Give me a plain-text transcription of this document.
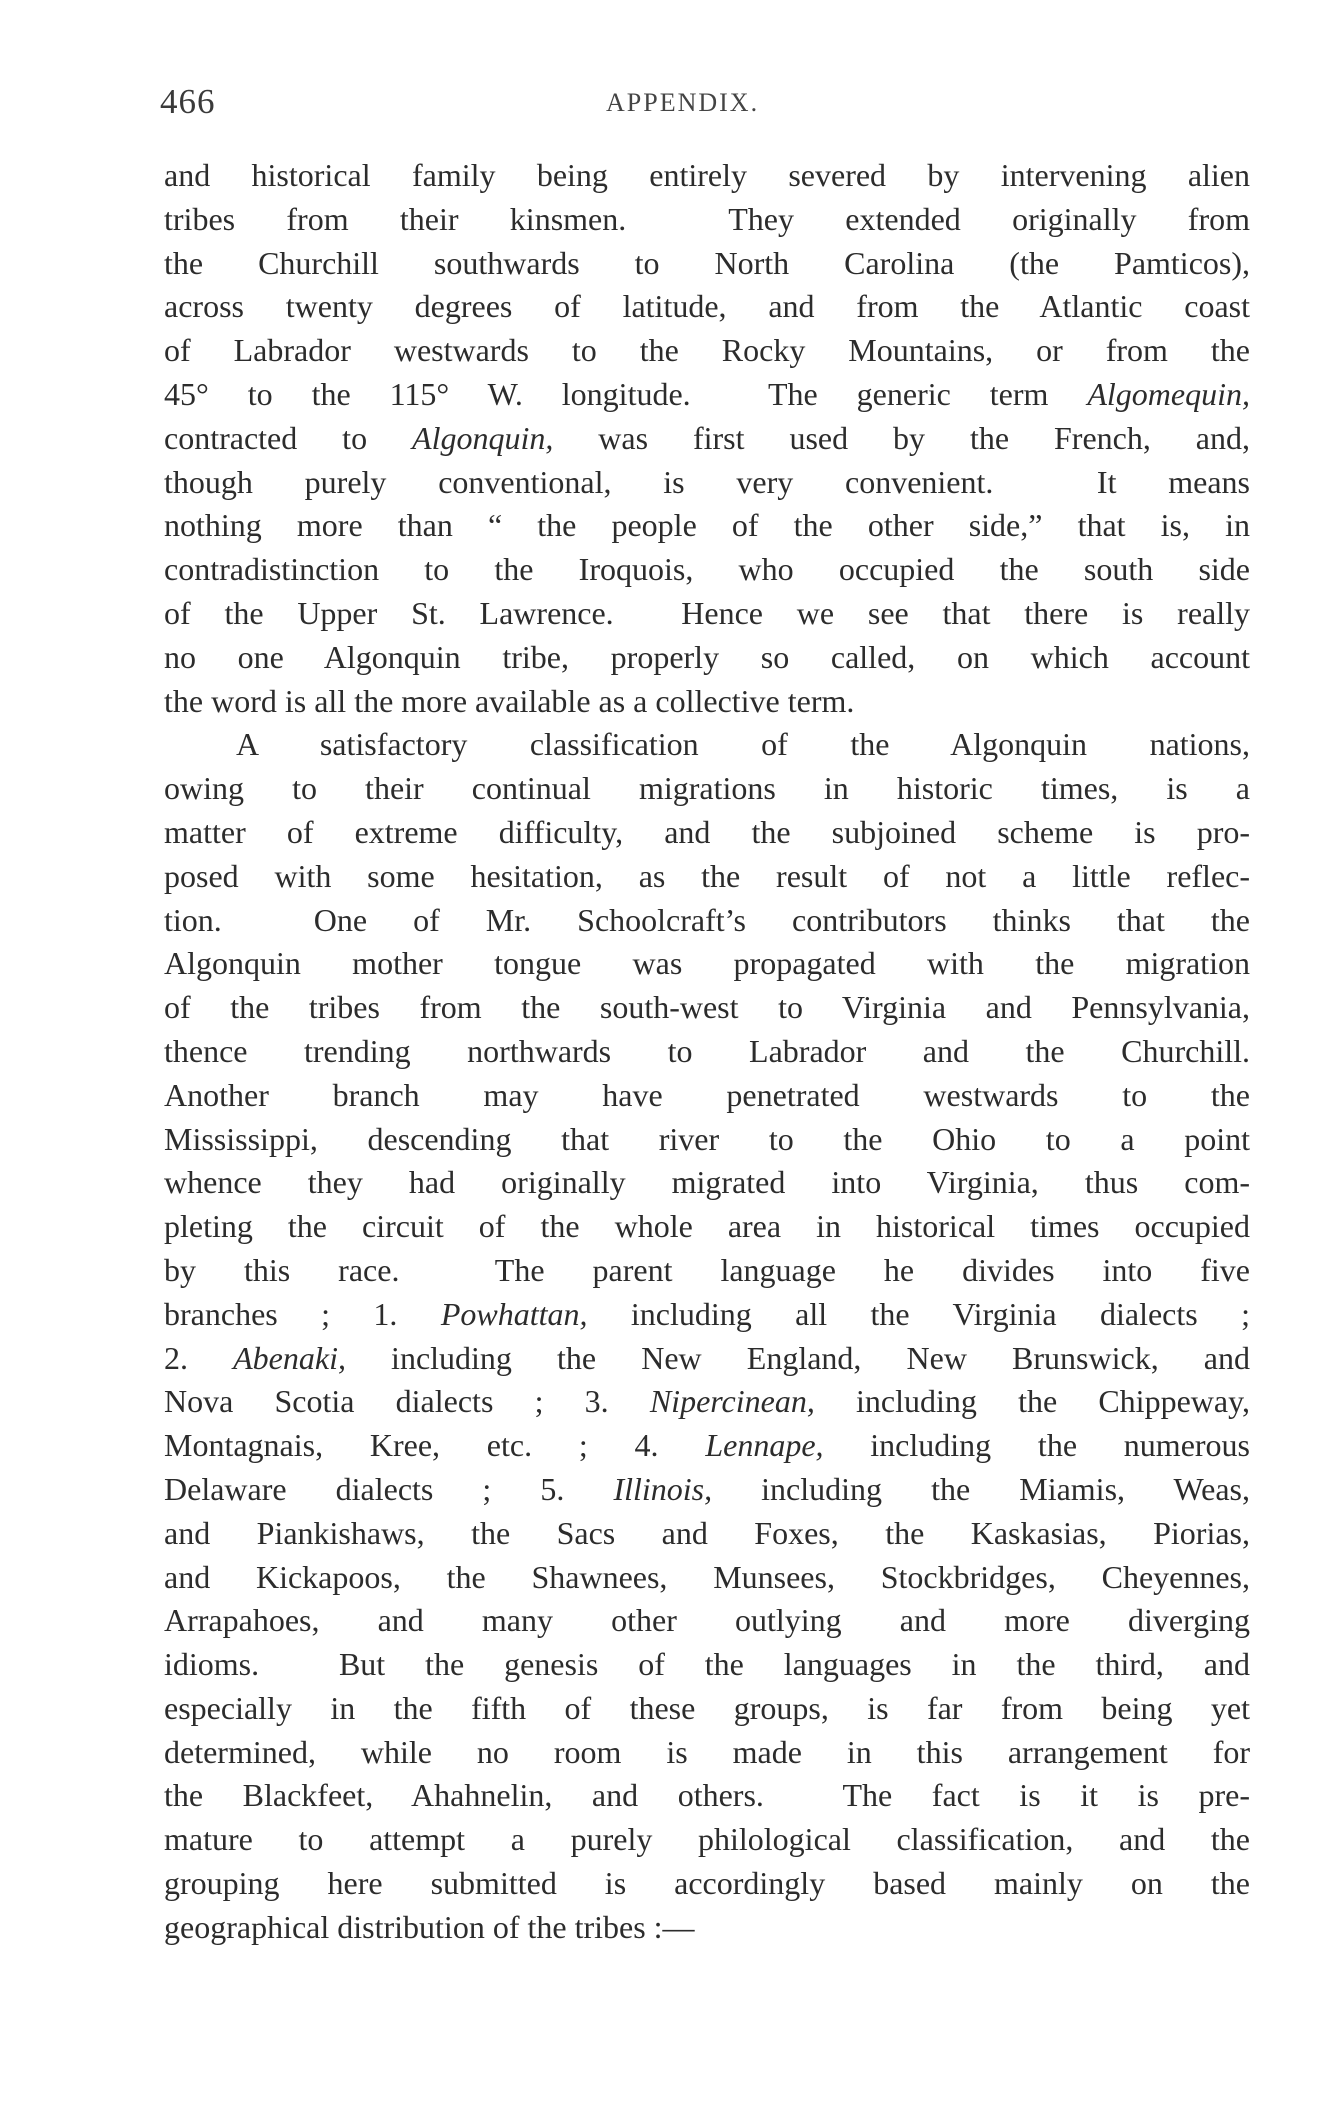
466	APPENDIX.
and historical family being entirely severed by intervening alien
tribes from their kinsmen.  They extended originally from
the Churchill southwards to North Carolina (the Pamticos),
across twenty degrees of latitude, and from the Atlantic coast
of Labrador westwards to the Rocky Mountains, or from the
45° to the 115° W. longitude.  The generic term Algomequin,
contracted to Algonquin, was first used by the French, and,
though purely conventional, is very convenient.  It means
nothing more than “ the people of the other side,” that is, in
contradistinction to the Iroquois, who occupied the south side
of the Upper St. Lawrence.  Hence we see that there is really
no one Algonquin tribe, properly so called, on which account
the word is all the more available as a collective term.
A satisfactory classification of the Algonquin nations,
owing to their continual migrations in historic times, is a
matter of extreme difficulty, and the subjoined scheme is pro-
posed with some hesitation, as the result of not a little reflec-
tion.  One of Mr. Schoolcraft’s contributors thinks that the
Algonquin mother tongue was propagated with the migration
of the tribes from the south-west to Virginia and Pennsylvania,
thence trending northwards to Labrador and the Churchill.
Another branch may have penetrated westwards to the
Mississippi, descending that river to the Ohio to a point
whence they had originally migrated into Virginia, thus com-
pleting the circuit of the whole area in historical times occupied
by this race.  The parent language he divides into five
branches ; 1. Powhattan, including all the Virginia dialects ;
2. Abenaki, including the New England, New Brunswick, and
Nova Scotia dialects ; 3. Nipercinean, including the Chippeway,
Montagnais, Kree, etc. ; 4. Lennape, including the numerous
Delaware dialects ; 5. Illinois, including the Miamis, Weas,
and Piankishaws, the Sacs and Foxes, the Kaskasias, Piorias,
and Kickapoos, the Shawnees, Munsees, Stockbridges, Cheyennes,
Arrapahoes, and many other outlying and more diverging
idioms.  But the genesis of the languages in the third, and
especially in the fifth of these groups, is far from being yet
determined, while no room is made in this arrangement for
the Blackfeet, Ahahnelin, and others.  The fact is it is pre-
mature to attempt a purely philological classification, and the
grouping here submitted is accordingly based mainly on the
geographical distribution of the tribes :—
